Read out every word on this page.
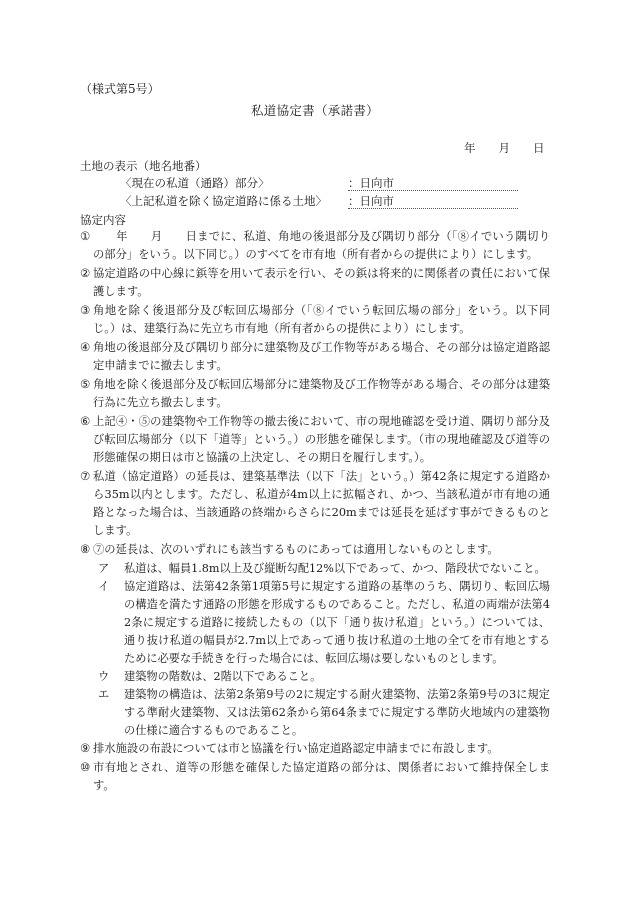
（様式第5号）
私道協定書（承諾書）
年　　月　　日
土地の表示（地名地番）
〈現在の私道（通路）部分〉	：日向市
〈上記私道を除く協定道路に係る土地〉 ：日向市
協定内容
① 　　年　　月　　日までに、私道、角地の後退部分及び隅切り部分（「⑧イでいう隅切りの部分」をいう。以下同じ。）のすべてを市有地（所有者からの提供により）にします。
② 協定道路の中心線に鋲等を用いて表示を行い、その鋲は将来的に関係者の責任において保護します。
③ 角地を除く後退部分及び転回広場部分（「⑧イでいう転回広場の部分」をいう。以下同じ。）は、建築行為に先立ち市有地（所有者からの提供により）にします。
④ 角地の後退部分及び隅切り部分に建築物及び工作物等がある場合、その部分は協定道路認定申請までに撤去します。
⑤ 角地を除く後退部分及び転回広場部分に建築物及び工作物等がある場合、その部分は建築行為に先立ち撤去します。
⑥ 上記④・⑤の建築物や工作物等の撤去後において、市の現地確認を受け道、隅切り部分及び転回広場部分（以下「道等」という。）の形態を確保します。（市の現地確認及び道等の形態確保の期日は市と協議の上決定し、その期日を履行します。）。
⑦ 私道（協定道路）の延長は、建築基準法（以下「法」という。）第42条に規定する道路から35m以内とします。ただし、私道が4m以上に拡幅され、かつ、当該私道が市有地の通路となった場合は、当該通路の終端からさらに20mまでは延長を延ばす事ができるものとします。
⑧ ⑦の延長は、次のいずれにも該当するものにあっては適用しないものとします。
ア 私道は、幅員1.8m以上及び縦断勾配12%以下であって、かつ、階段状でないこと。
イ 協定道路は、法第42条第1項第5号に規定する道路の基準のうち、隅切り、転回広場の構造を満たす通路の形態を形成するものであること。ただし、私道の両端が法第42条に規定する道路に接続したもの（以下「通り抜け私道」という。）については、通り抜け私道の幅員が2.7m以上であって通り抜け私道の土地の全てを市有地とするために必要な手続きを行った場合には、転回広場は要しないものとします。
ウ 建築物の階数は、2階以下であること。
エ 建築物の構造は、法第2条第9号の2に規定する耐火建築物、法第2条第9号の3に規定する準耐火建築物、又は法第62条から第64条までに規定する準防火地域内の建築物の仕様に適合するものであること。
⑨ 排水施設の布設については市と協議を行い協定道路認定申請までに布設します。
⑩ 市有地とされ、道等の形態を確保した協定道路の部分は、関係者において維持保全します。
